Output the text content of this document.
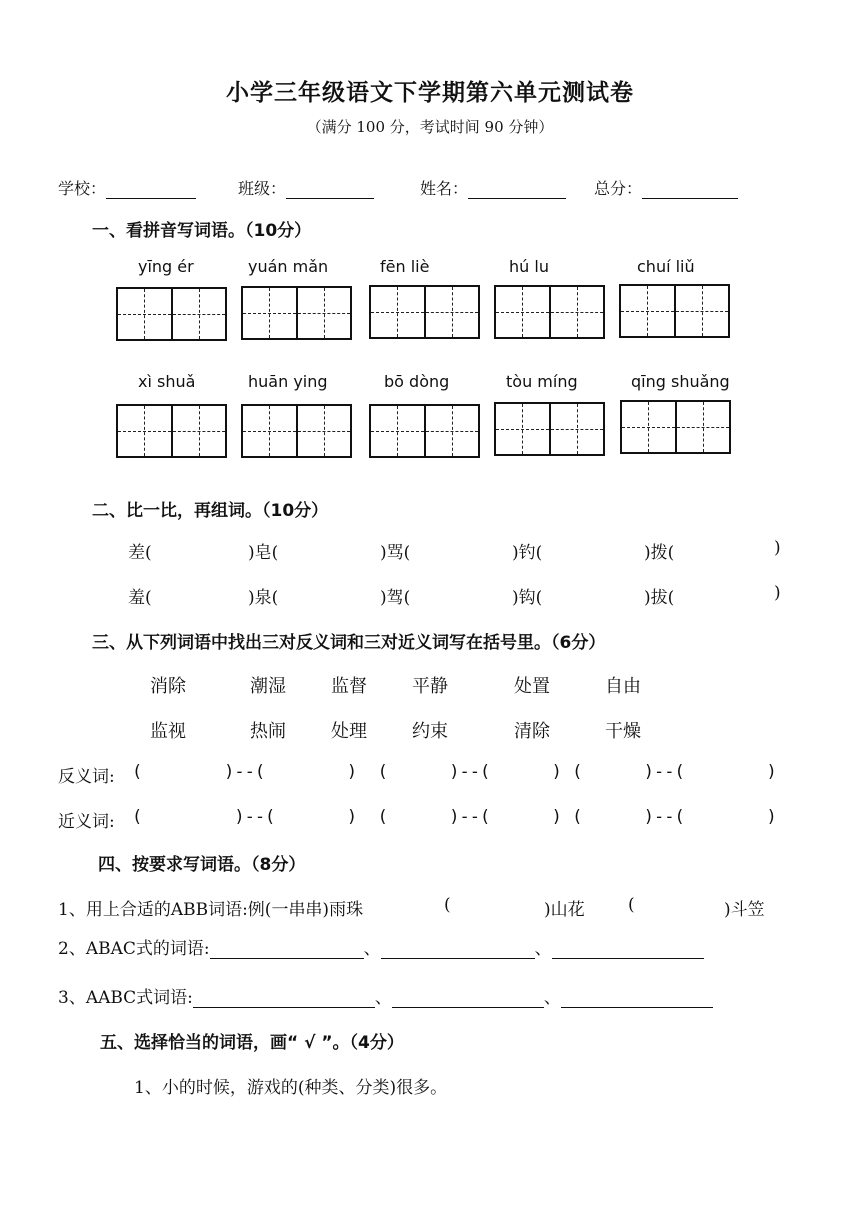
小学三年级语文下学期第六单元测试卷
（满分 100 分，考试时间 90 分钟）
学校：	班级：	姓名：	总分：
一、看拼音写词语。（10分）
yīng ér	yuán mǎn	fēn liè	hú lu	chuí liǔ
xì shuǎ	huān ying	bō dòng	tòu míng	qīng shuǎng
二、比一比，再组词。（10分）
差(	)皂(	)骂(	)钓(	)拨(	)
羞(	)泉(	)驾(	)钩(	)拔(	)
三、从下列词语中找出三对反义词和三对近义词写在括号里。（6分）
消除	潮湿	监督	平静	处置	自由
监视	热闹	处理	约束	清除	干燥
反义词: (        )--(        )  (      )--(      ) (      )--(        )
近义词: (         )--(       )  (      )--(      ) (      )--(        )
四、按要求写词语。（8分）
1、用上合适的ABB词语:例(一串串)雨珠	(	)山花	(	)斗笠
2、ABAC式的词语:	、	、
3、AABC式词语:	、	、
五、选择恰当的词语，画“ √ ”。（4分）
1、小的时候，游戏的(种类、分类)很多。
